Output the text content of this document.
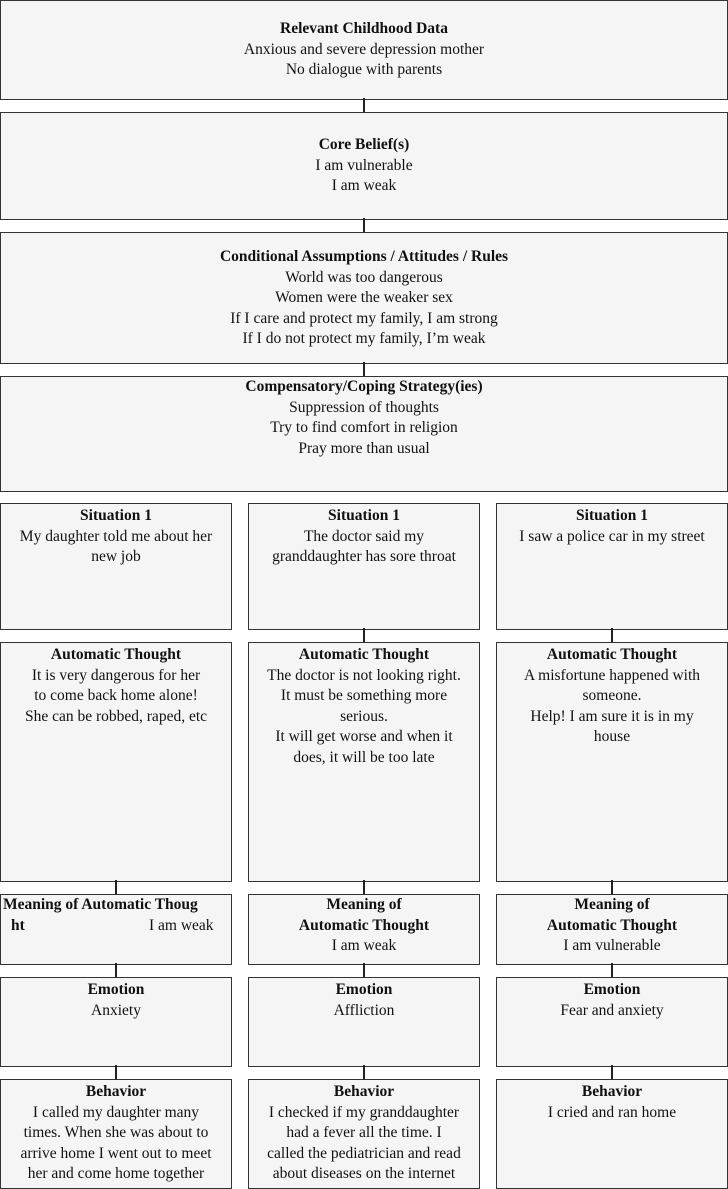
Relevant Childhood Data
Anxious and severe depression mother
No dialogue with parents
Core Belief(s)
I am vulnerable
I am weak
Conditional Assumptions / Attitudes / Rules
World was too dangerous
Women were the weaker sex
If I care and protect my family, I am strong
If I do not protect my family, I’m weak
Compensatory/Coping Strategy(ies)
Suppression of thoughts
Try to find comfort in religion
Pray more than usual
Situation 1
My daughter told me about her
new job
Automatic Thought
It is very dangerous for her
to come back home alone!
She can be robbed, raped, etc
Meaning of Automatic Thoug
ht	I am weak
Emotion
Anxiety
Behavior
I called my daughter many
times. When she was about to
arrive home I went out to meet
her and come home together
Situation 1
The doctor said my
granddaughter has sore throat
Automatic Thought
The doctor is not looking right.
It must be something more
serious.
It will get worse and when it
does, it will be too late
Meaning of
Automatic Thought
I am weak
Emotion
Affliction
Behavior
I checked if my granddaughter
had a fever all the time. I
called the pediatrician and read
about diseases on the internet
Situation 1
I saw a police car in my street
Automatic Thought
A misfortune happened with
someone.
Help! I am sure it is in my
house
Meaning of
Automatic Thought
I am vulnerable
Emotion
Fear and anxiety
Behavior
I cried and ran home
